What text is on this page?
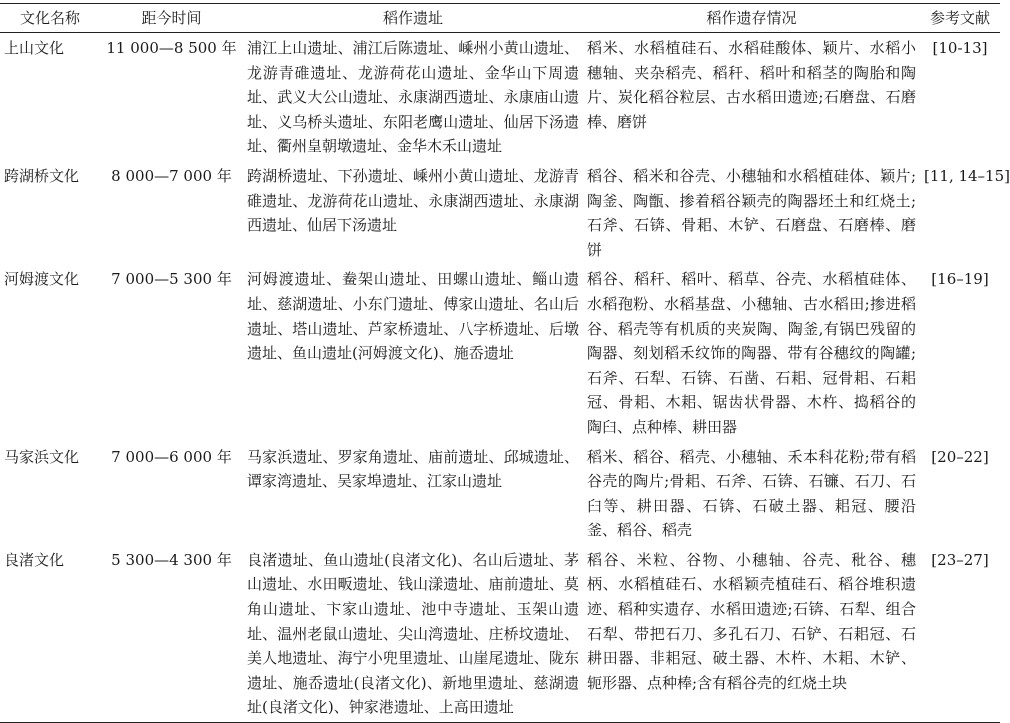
文化名称	距今时间	稻作遗址	稻作遗存情况	参考文献
上山文化	11 000—8 500 年	浦江上山遗址、浦江后陈遗址、嵊州小黄山遗址、龙游青碓遗址、龙游荷花山遗址、金华山下周遗址、武义大公山遗址、永康湖西遗址、永康庙山遗址、义乌桥头遗址、东阳老鹰山遗址、仙居下汤遗址、衢州皇朝墩遗址、金华木禾山遗址	稻米、水稻植硅石、水稻硅酸体、颖片、水稻小穗轴、夹杂稻壳、稻秆、稻叶和稻茎的陶胎和陶片、炭化稻谷粒层、古水稻田遗迹;石磨盘、石磨棒、磨饼	[10-13]
跨湖桥文化	8 000—7 000 年	跨湖桥遗址、下孙遗址、嵊州小黄山遗址、龙游青碓遗址、龙游荷花山遗址、永康湖西遗址、永康湖西遗址、仙居下汤遗址	稻谷、稻米和谷壳、小穗轴和水稻植硅体、颖片;陶釜、陶甑、掺着稻谷颖壳的陶器坯土和红烧土;石斧、石锛、骨耜、木铲、石磨盘、石磨棒、磨饼	[11, 14–15]
河姆渡文化	7 000—5 300 年	河姆渡遗址、鲞架山遗址、田螺山遗址、鲻山遗址、慈湖遗址、小东门遗址、傅家山遗址、名山后遗址、塔山遗址、芦家桥遗址、八字桥遗址、后墩遗址、鱼山遗址(河姆渡文化)、施岙遗址	稻谷、稻秆、稻叶、稻草、谷壳、水稻植硅体、水稻孢粉、水稻基盘、小穗轴、古水稻田;掺进稻谷、稻壳等有机质的夹炭陶、陶釜,有锅巴残留的陶器、刻划稻禾纹饰的陶器、带有谷穗纹的陶罐;石斧、石犁、石锛、石凿、石耜、冠骨耜、石耜冠、骨耜、木耜、锯齿状骨器、木杵、捣稻谷的陶臼、点种棒、耕田器	[16–19]
马家浜文化	7 000—6 000 年	马家浜遗址、罗家角遗址、庙前遗址、邱城遗址、谭家湾遗址、吴家埠遗址、江家山遗址	稻米、稻谷、稻壳、小穗轴、禾本科花粉;带有稻谷壳的陶片;骨耜、石斧、石锛、石镰、石刀、石臼等、耕田器、石锛、石破土器、耜冠、腰沿釜、稻谷、稻壳	[20–22]
良渚文化	5 300—4 300 年	良渚遗址、鱼山遗址(良渚文化)、名山后遗址、茅山遗址、水田畈遗址、钱山漾遗址、庙前遗址、莫角山遗址、卞家山遗址、池中寺遗址、玉架山遗址、温州老鼠山遗址、尖山湾遗址、庄桥坟遗址、美人地遗址、海宁小兜里遗址、山崖尾遗址、陇东遗址、施岙遗址(良渚文化)、新地里遗址、慈湖遗址(良渚文化)、钟家港遗址、上高田遗址	稻谷、米粒、谷物、小穗轴、谷壳、秕谷、穗柄、水稻植硅石、水稻颖壳植硅石、稻谷堆积遗迹、稻种实遗存、水稻田遗迹;石锛、石犁、组合石犁、带把石刀、多孔石刀、石铲、石耜冠、石耕田器、非耜冠、破土器、木杵、木耜、木铲、轭形器、点种棒;含有稻谷壳的红烧土块	[23–27]
